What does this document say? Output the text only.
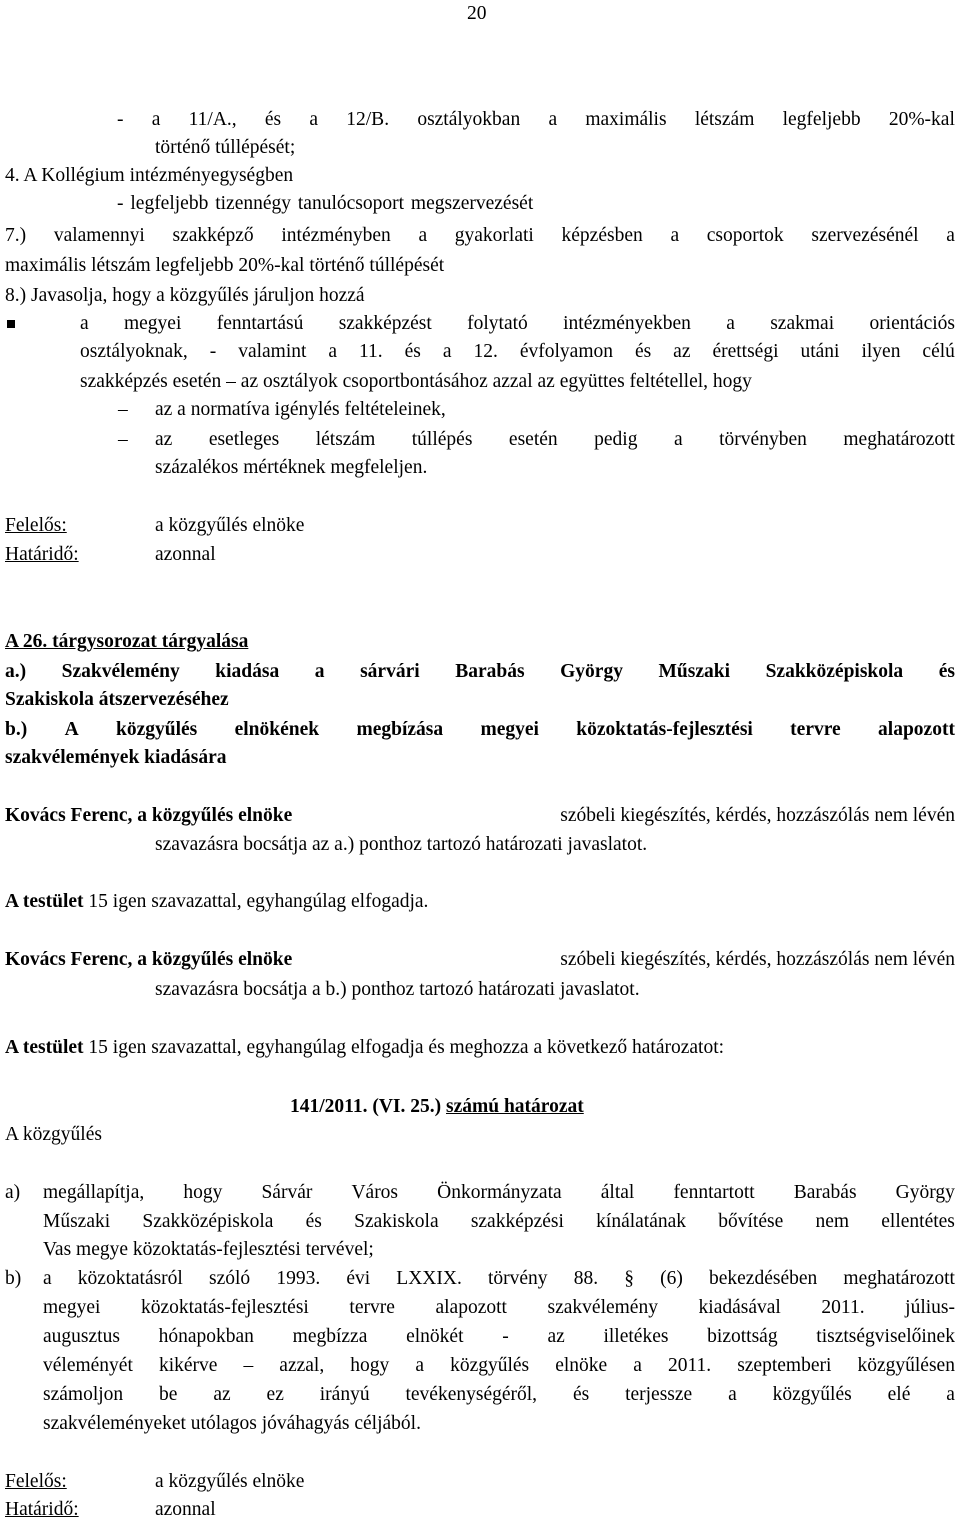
20
- a 11/A., és a 12/B. osztályokban a maximális létszám legfeljebb 20%-kal
történő túllépését;
4. A Kollégium intézményegységben
- legfeljebb tizennégy tanulócsoport megszervezését
7.) valamennyi szakképző intézményben a gyakorlati képzésben a csoportok szervezésénél a
maximális létszám legfeljebb 20%-kal történő túllépését
8.) Javasolja, hogy a közgyűlés járuljon hozzá
a megyei fenntartású szakképzést folytató intézményekben a szakmai orientációs
osztályoknak, - valamint a 11. és a 12. évfolyamon és az érettségi utáni ilyen célú
szakképzés esetén – az osztályok csoportbontásához azzal az együttes feltétellel, hogy
– az a normatíva igénylés feltételeinek,
– az esetleges létszám túllépés esetén pedig a törvényben meghatározott
százalékos mértéknek megfeleljen.
Felelős:	a közgyűlés elnöke
Határidő:	azonnal
A 26. tárgysorozat tárgyalása
a.) Szakvélemény kiadása a sárvári Barabás György Műszaki Szakközépiskola és
Szakiskola átszervezéséhez
b.) A közgyűlés elnökének megbízása megyei közoktatás-fejlesztési tervre alapozott
szakvélemények kiadására
Kovács Ferenc, a közgyűlés elnöke	szóbeli kiegészítés, kérdés, hozzászólás nem lévén
szavazásra bocsátja az a.) ponthoz tartozó határozati javaslatot.
A testület 15 igen szavazattal, egyhangúlag elfogadja.
Kovács Ferenc, a közgyűlés elnöke	szóbeli kiegészítés, kérdés, hozzászólás nem lévén
szavazásra bocsátja a b.) ponthoz tartozó határozati javaslatot.
A testület 15 igen szavazattal, egyhangúlag elfogadja és meghozza a következő határozatot:
141/2011. (VI. 25.) számú határozat
A közgyűlés
a) megállapítja, hogy Sárvár Város Önkormányzata által fenntartott Barabás György
Műszaki Szakközépiskola és Szakiskola szakképzési kínálatának bővítése nem ellentétes
Vas megye közoktatás-fejlesztési tervével;
b) a közoktatásról szóló 1993. évi LXXIX. törvény 88. § (6) bekezdésében meghatározott
megyei közoktatás-fejlesztési tervre alapozott szakvélemény kiadásával 2011. július-
augusztus hónapokban megbízza elnökét - az illetékes bizottság tisztségviselőinek
véleményét kikérve – azzal, hogy a közgyűlés elnöke a 2011. szeptemberi közgyűlésen
számoljon be az ez irányú tevékenységéről, és terjessze a közgyűlés elé a
szakvéleményeket utólagos jóváhagyás céljából.
Felelős:	a közgyűlés elnöke
Határidő:	azonnal
